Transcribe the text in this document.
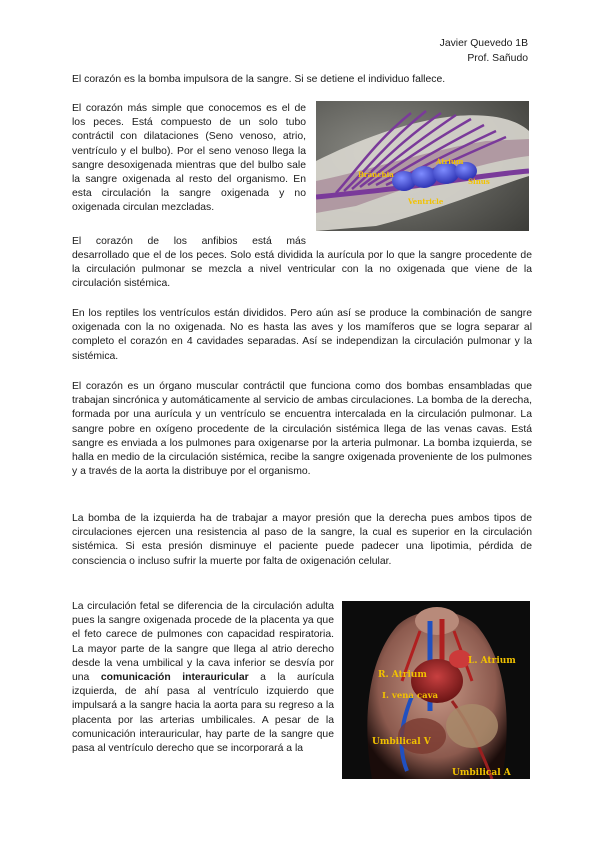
Javier Quevedo 1B
Prof. Sañudo

El corazón es la bomba impulsora de la sangre. Si se detiene el individuo fallece.

El corazón más simple que conocemos es el de los peces. Está compuesto de un solo tubo contráctil con dilataciones (Seno venoso, atrio, ventrículo y el bulbo). Por el seno venoso llega la sangre desoxigenada mientras que del bulbo sale la sangre oxigenada al resto del organismo. En esta circulación la sangre oxigenada y no oxigenada circulan mezcladas.

Bránchia
Atrium
Sinus
Ventricle

El corazón de los anfibios está más

desarrollado que el de los peces. Solo está dividida la aurícula por lo que la sangre procedente de la circulación pulmonar se mezcla a nivel ventricular con la no oxigenada que viene de la circulación sistémica.

En los reptiles los ventrículos están divididos. Pero aún así se produce la combinación de sangre oxigenada con la no oxigenada. No es hasta las aves y los mamíferos que se logra separar al completo el corazón en 4 cavidades separadas. Así se independizan la circulación pulmonar y la sistémica.

El corazón es un órgano muscular contráctil que funciona como dos bombas ensambladas que trabajan sincrónica y automáticamente al servicio de ambas circulaciones. La bomba de la derecha, formada por una aurícula y un ventrículo se encuentra intercalada en la circulación pulmonar. La sangre pobre en oxígeno procedente de la circulación sistémica llega de las venas cavas. Está sangre es enviada a los pulmones para oxigenarse por la arteria pulmonar. La bomba izquierda, se halla en medio de la circulación sistémica, recibe la sangre oxigenada proveniente de los pulmones y a través de la aorta la distribuye por el organismo.

La bomba de la izquierda ha de trabajar a mayor presión que la derecha pues ambos tipos de circulaciones ejercen una resistencia al paso de la sangre, la cual es superior en la circulación sistémica. Si esta presión disminuye el paciente puede padecer una lipotimia, pérdida de consciencia o incluso sufrir la muerte por falta de oxigenación celular.

La circulación fetal se diferencia de la circulación adulta pues la sangre oxigenada procede de la placenta ya que el feto carece de pulmones con capacidad respiratoria. La mayor parte de la sangre que llega al atrio derecho desde la vena umbilical y la cava inferior se desvía por una comunicación interauricular a la aurícula izquierda, de ahí pasa al ventrículo izquierdo que impulsará a la sangre hacia la aorta para su regreso a la placenta por las arterias umbilicales. A pesar de la comunicación interauricular, hay parte de la sangre que pasa al ventrículo derecho que se incorporará a la

R. Atrium
L. Atrium
I. vena cava
Umbilical V
Umbilical A
